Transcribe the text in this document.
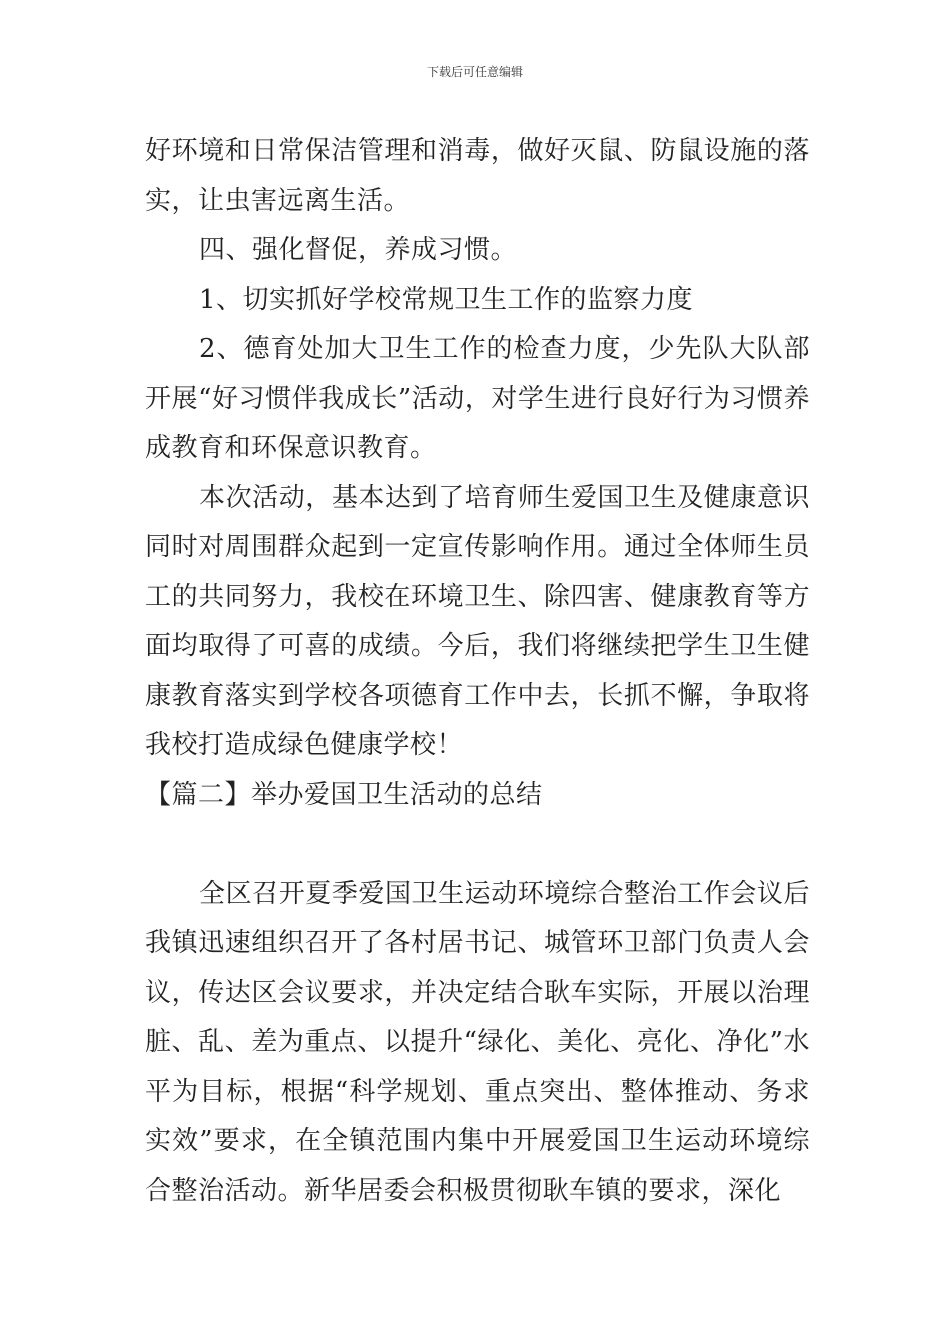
下载后可任意编辑

好环境和日常保洁管理和消毒，做好灭鼠、防鼠设施的落实，让虫害远离生活。

四、强化督促，养成习惯。

1、切实抓好学校常规卫生工作的监察力度

2、德育处加大卫生工作的检查力度，少先队大队部开展“好习惯伴我成长”活动，对学生进行良好行为习惯养成教育和环保意识教育。

本次活动，基本达到了培育师生爱国卫生及健康意识同时对周围群众起到一定宣传影响作用。通过全体师生员工的共同努力，我校在环境卫生、除四害、健康教育等方面均取得了可喜的成绩。今后，我们将继续把学生卫生健康教育落实到学校各项德育工作中去，长抓不懈，争取将我校打造成绿色健康学校！

【篇二】举办爱国卫生活动的总结

全区召开夏季爱国卫生运动环境综合整治工作会议后我镇迅速组织召开了各村居书记、城管环卫部门负责人会议，传达区会议要求，并决定结合耿车实际，开展以治理脏、乱、差为重点、以提升“绿化、美化、亮化、净化”水平为目标，根据“科学规划、重点突出、整体推动、务求实效”要求，在全镇范围内集中开展爱国卫生运动环境综合整治活动。新华居委会积极贯彻耿车镇的要求，深化
